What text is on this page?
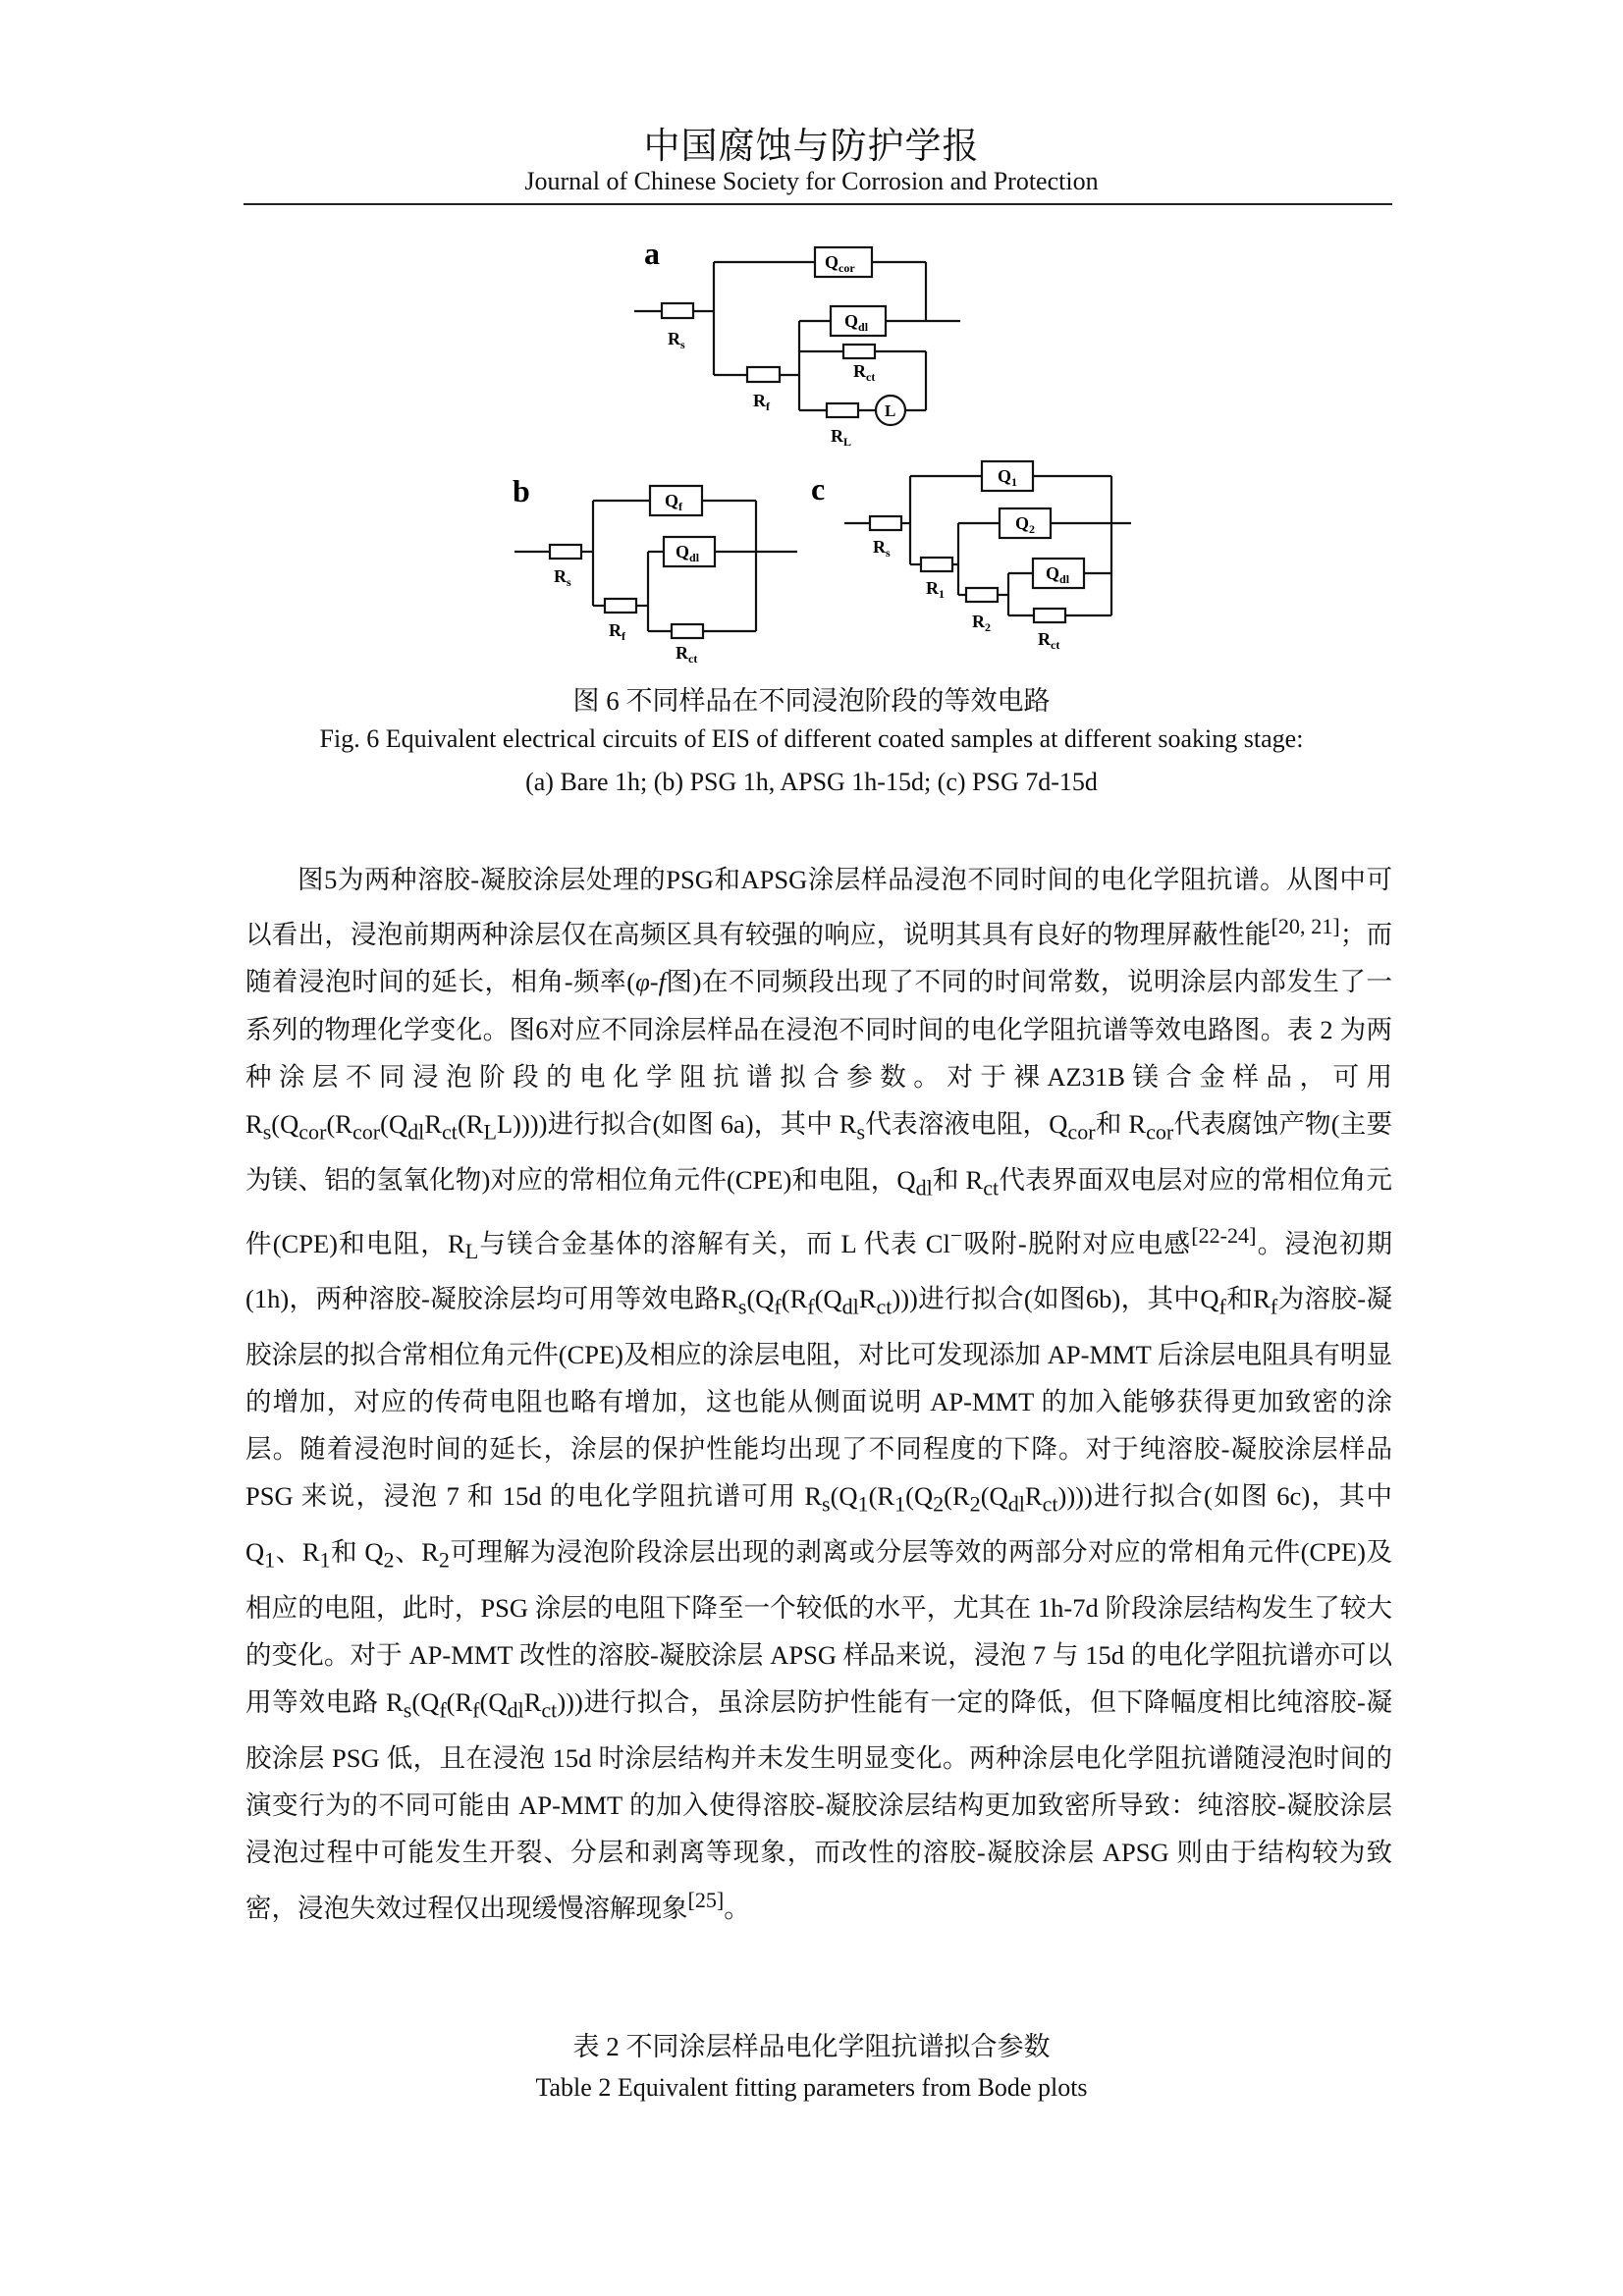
中国腐蚀与防护学报
Journal of Chinese Society for Corrosion and Protection
a
b	c
$Q_{cor}$
$Q_{dl}$
$R_s$
$R_f$
$R_{ct}$
$R_L$
L
$Q_f$
$Q_{dl}$
$R_s$
$R_f$
$R_{ct}$
$Q_1$
$Q_2$
$Q_{dl}$
$R_s$
$R_1$
$R_2$
$R_{ct}$
图 6 不同样品在不同浸泡阶段的等效电路
Fig. 6 Equivalent electrical circuits of EIS of different coated samples at different soaking stage:
(a) Bare 1h; (b) PSG 1h, APSG 1h-15d; (c) PSG 7d-15d

图5为两种溶胶-凝胶涂层处理的PSG和APSG涂层样品浸泡不同时间的电化学阻抗谱。从图中可以看出，浸泡前期两种涂层仅在高频区具有较强的响应，说明其具有良好的物理屏蔽性能[20, 21]；而随着浸泡时间的延长，相角-频率(φ-f图)在不同频段出现了不同的时间常数，说明涂层内部发生了一系列的物理化学变化。图6对应不同涂层样品在浸泡不同时间的电化学阻抗谱等效电路图。表 2 为两种涂层不同浸泡阶段的电化学阻抗谱拟合参数。对于裸AZ31B镁合金样品，可用 $R_s(Q_{cor}(R_{cor}(Q_{dl}R_{ct}(R_LL))))$进行拟合(如图 6a)，其中 $R_s$代表溶液电阻，$Q_{cor}$和 $R_{cor}$代表腐蚀产物(主要为镁、铝的氢氧化物)对应的常相位角元件(CPE)和电阻，$Q_{dl}$和 $R_{ct}$代表界面双电层对应的常相位角元件(CPE)和电阻，$R_L$与镁合金基体的溶解有关，而 L 代表 Cl−吸附-脱附对应电感[22-24]。浸泡初期(1h)，两种溶胶-凝胶涂层均可用等效电路$R_s(Q_f(R_f(Q_{dl}R_{ct})))$进行拟合(如图6b)，其中$Q_f$和$R_f$为溶胶-凝胶涂层的拟合常相位角元件(CPE)及相应的涂层电阻，对比可发现添加 AP-MMT 后涂层电阻具有明显的增加，对应的传荷电阻也略有增加，这也能从侧面说明 AP-MMT 的加入能够获得更加致密的涂层。随着浸泡时间的延长，涂层的保护性能均出现了不同程度的下降。对于纯溶胶-凝胶涂层样品 PSG 来说，浸泡 7 和 15d 的电化学阻抗谱可用 $R_s(Q_1(R_1(Q_2(R_2(Q_{dl}R_{ct}))))$进行拟合(如图 6c)，其中 $Q_1$、$R_1$和 $Q_2$、$R_2$可理解为浸泡阶段涂层出现的剥离或分层等效的两部分对应的常相角元件(CPE)及相应的电阻，此时，PSG 涂层的电阻下降至一个较低的水平，尤其在 1h-7d 阶段涂层结构发生了较大的变化。对于 AP-MMT 改性的溶胶-凝胶涂层 APSG 样品来说，浸泡 7 与 15d 的电化学阻抗谱亦可以用等效电路 $R_s(Q_f(R_f(Q_{dl}R_{ct})))$进行拟合，虽涂层防护性能有一定的降低，但下降幅度相比纯溶胶-凝胶涂层 PSG 低，且在浸泡 15d 时涂层结构并未发生明显变化。两种涂层电化学阻抗谱随浸泡时间的演变行为的不同可能由 AP-MMT 的加入使得溶胶-凝胶涂层结构更加致密所导致：纯溶胶-凝胶涂层浸泡过程中可能发生开裂、分层和剥离等现象，而改性的溶胶-凝胶涂层 APSG 则由于结构较为致密，浸泡失效过程仅出现缓慢溶解现象[25]。

表 2 不同涂层样品电化学阻抗谱拟合参数
Table 2 Equivalent fitting parameters from Bode plots
